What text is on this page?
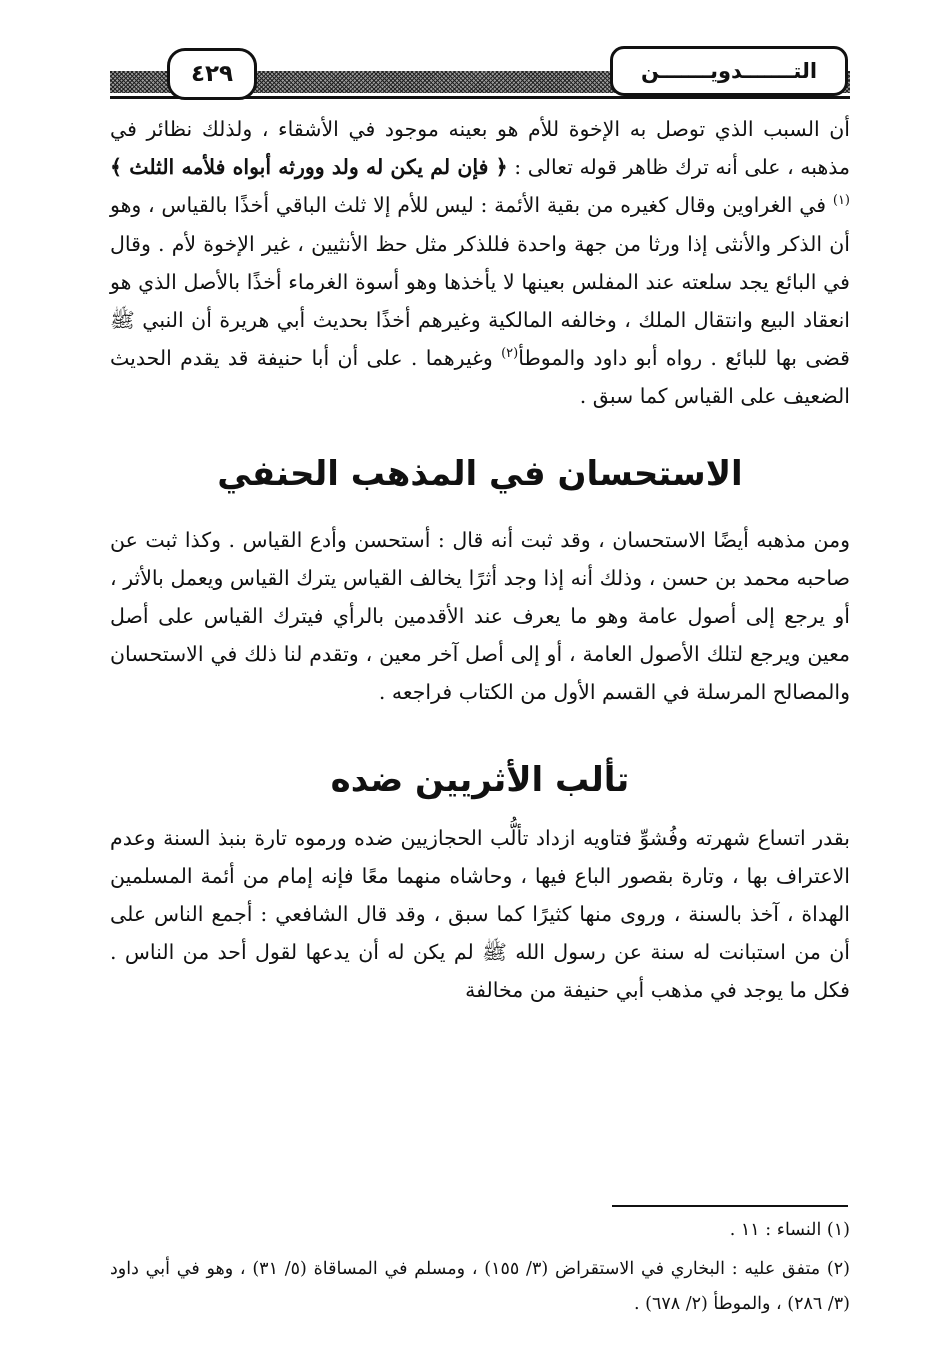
٤٢٩	التـــــــدويـــــــن

أن السبب الذي توصل به الإخوة للأم هو بعينه موجود في الأشقاء ، ولذلك نظائر في مذهبه ، على أنه ترك ظاهر قوله تعالى : ﴿ فإن لم يكن له ولد وورثه أبواه فلأمه الثلث ﴾$^{(١)}$ في الغراوين وقال كغيره من بقية الأئمة : ليس للأم إلا ثلث الباقي أخذًا بالقياس ، وهو أن الذكر والأنثى إذا ورثا من جهة واحدة فللذكر مثل حظ الأنثيين ، غير الإخوة لأم . وقال في البائع يجد سلعته عند المفلس بعينها لا يأخذها وهو أسوة الغرماء أخذًا بالأصل الذي هو انعقاد البيع وانتقال الملك ، وخالفه المالكية وغيرهم أخذًا بحديث أبي هريرة أن النبي ﷺ قضى بها للبائع . رواه أبو داود والموطأ$^{(٢)}$ وغيرهما . على أن أبا حنيفة قد يقدم الحديث الضعيف على القياس كما سبق .

الاستحسان في المذهب الحنفي

ومن مذهبه أيضًا الاستحسان ، وقد ثبت أنه قال : أستحسن وأدع القياس . وكذا ثبت عن صاحبه محمد بن حسن ، وذلك أنه إذا وجد أثرًا يخالف القياس يترك القياس ويعمل بالأثر ، أو يرجع إلى أصول عامة وهو ما يعرف عند الأقدمين بالرأي فيترك القياس على أصل معين ويرجع لتلك الأصول العامة ، أو إلى أصل آخر معين ، وتقدم لنا ذلك في الاستحسان والمصالح المرسلة في القسم الأول من الكتاب فراجعه .

تألب الأثريين ضده

بقدر اتساع شهرته وفُشوِّ فتاويه ازداد تألُّب الحجازيين ضده ورموه تارة بنبذ السنة وعدم الاعتراف بها ، وتارة بقصور الباع فيها ، وحاشاه منهما معًا فإنه إمام من أئمة المسلمين الهداة ، آخذ بالسنة ، وروى منها كثيرًا كما سبق ، وقد قال الشافعي : أجمع الناس على أن من استبانت له سنة عن رسول الله ﷺ لم يكن له أن يدعها لقول أحد من الناس . فكل ما يوجد في مذهب أبي حنيفة من مخالفة

(١) النساء : ١١ .

(٢) متفق عليه : البخاري في الاستقراض (٣/ ١٥٥) ، ومسلم في المساقاة (٥/ ٣١) ، وهو في أبي داود (٣/ ٢٨٦) ، والموطأ (٢/ ٦٧٨) .
